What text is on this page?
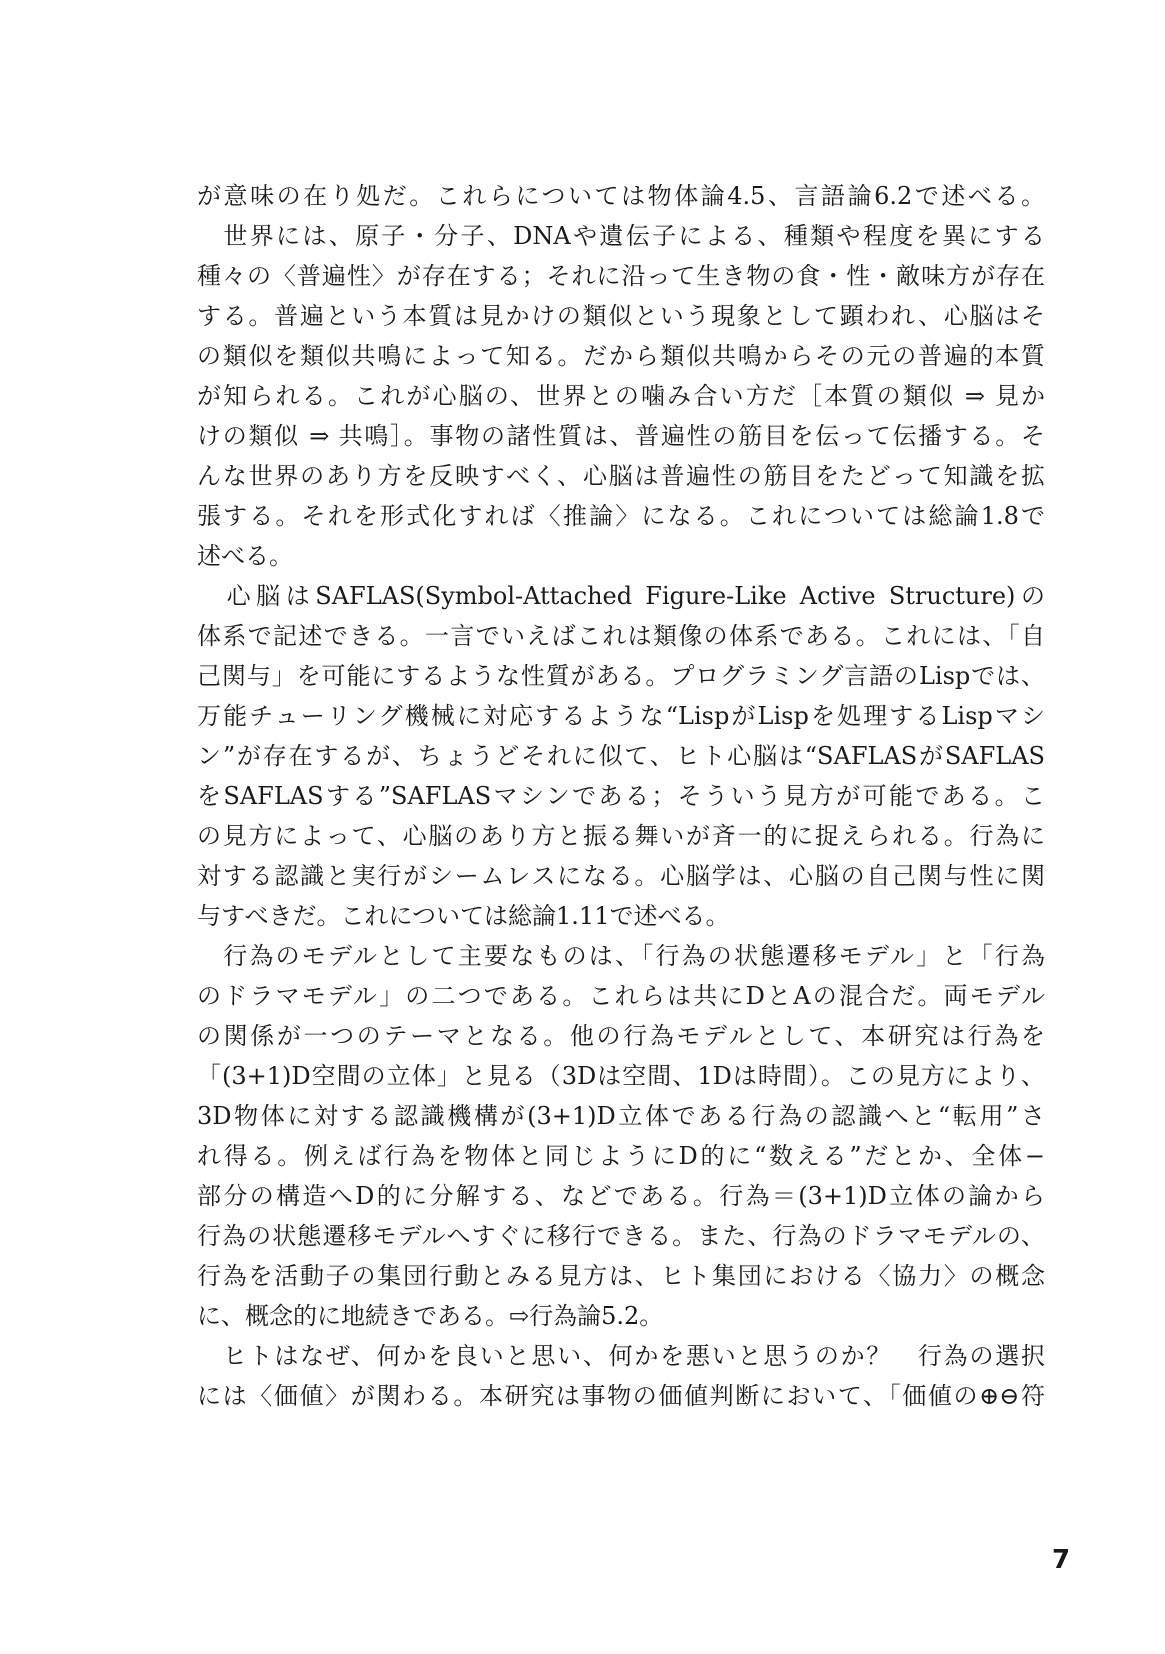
が意味の在り処だ。これらについては物体論4.5、言語論6.2で述べる。
　世界には、原子・分子、DNAや遺伝子による、種類や程度を異にする
種々の〈普遍性〉が存在する；それに沿って生き物の食・性・敵味方が存在
する。普遍という本質は見かけの類似という現象として顕われ、心脳はそ
の類似を類似共鳴によって知る。だから類似共鳴からその元の普遍的本質
が知られる。これが心脳の、世界との噛み合い方だ［本質の類似 ⇒ 見か
けの類似 ⇒ 共鳴］。事物の諸性質は、普遍性の筋目を伝って伝播する。そ
んな世界のあり方を反映すべく、心脳は普遍性の筋目をたどって知識を拡
張する。それを形式化すれば〈推論〉になる。これについては総論1.8で
述べる。
　心脳はSAFLAS(Symbol-Attached Figure-Like Active Structure)の
体系で記述できる。一言でいえばこれは類像の体系である。これには、「自
己関与」を可能にするような性質がある。プログラミング言語のLispでは、
万能チューリング機械に対応するような“LispがLispを処理するLispマシ
ン”が存在するが、ちょうどそれに似て、ヒト心脳は“SAFLASがSAFLAS
をSAFLASする”SAFLASマシンである；そういう見方が可能である。こ
の見方によって、心脳のあり方と振る舞いが斉一的に捉えられる。行為に
対する認識と実行がシームレスになる。心脳学は、心脳の自己関与性に関
与すべきだ。これについては総論1.11で述べる。
　行為のモデルとして主要なものは、「行為の状態遷移モデル」と「行為
のドラマモデル」の二つである。これらは共にDとAの混合だ。両モデル
の関係が一つのテーマとなる。他の行為モデルとして、本研究は行為を
「(3+1)D空間の立体」と見る（3Dは空間、1Dは時間）。この見方により、
3D物体に対する認識機構が(3+1)D立体である行為の認識へと“転用”さ
れ得る。例えば行為を物体と同じようにD的に“数える”だとか、全体−
部分の構造へD的に分解する、などである。行為＝(3+1)D立体の論から
行為の状態遷移モデルへすぐに移行できる。また、行為のドラマモデルの、
行為を活動子の集団行動とみる見方は、ヒト集団における〈協力〉の概念
に、概念的に地続きである。⇨行為論5.2。
　ヒトはなぜ、何かを良いと思い、何かを悪いと思うのか？　行為の選択
には〈価値〉が関わる。本研究は事物の価値判断において、「価値の⊕⊖符
7
